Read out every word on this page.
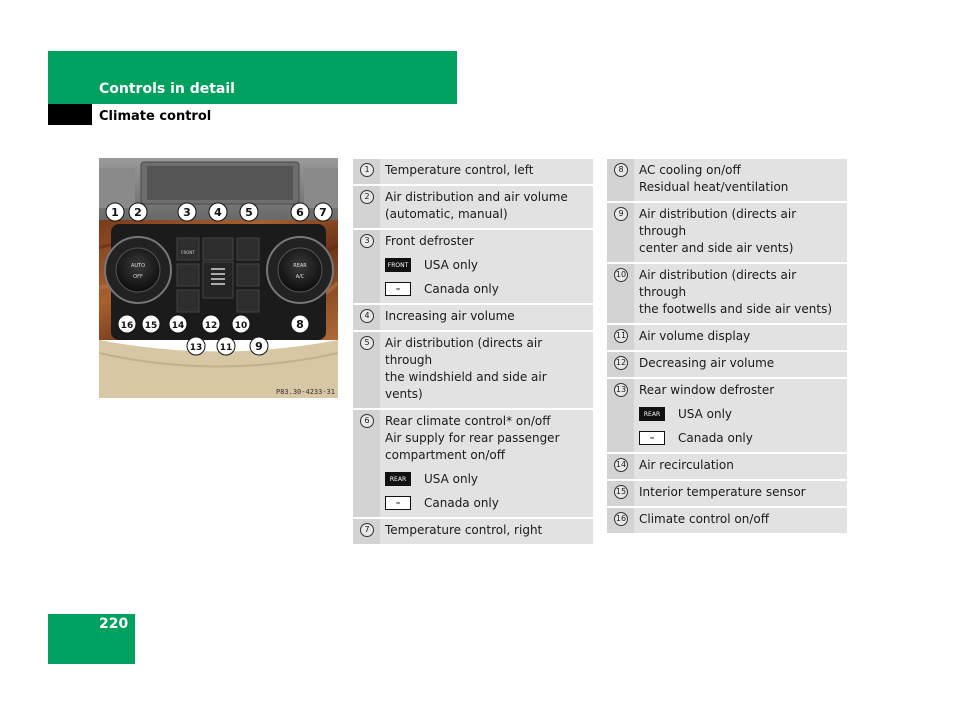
Controls in detail
Climate control
AUTO
OFF
REAR
A/C
FRONT
1 2	3 4 5	6 7
8
9
10
11
12
13
14
15
16
P83.30-4233-31
1	Temperature control, left
2	Air distribution and air volume
(automatic, manual)
3	Front defroster
FRONT USA only
≈	Canada only
4	Increasing air volume
5	Air distribution (directs air through
the windshield and side air vents)
6	Rear climate control* on/off
Air supply for rear passenger
compartment on/off
REAR	USA only
≈	Canada only
7	Temperature control, right
8	AC cooling on/off
Residual heat/ventilation
9	Air distribution (directs air through
center and side air vents)
10 Air distribution (directs air through
the footwells and side air vents)
11 Air volume display
12 Decreasing air volume
13 Rear window defroster
REAR	USA only
≈	Canada only
14 Air recirculation
15 Interior temperature sensor
16 Climate control on/off
220
